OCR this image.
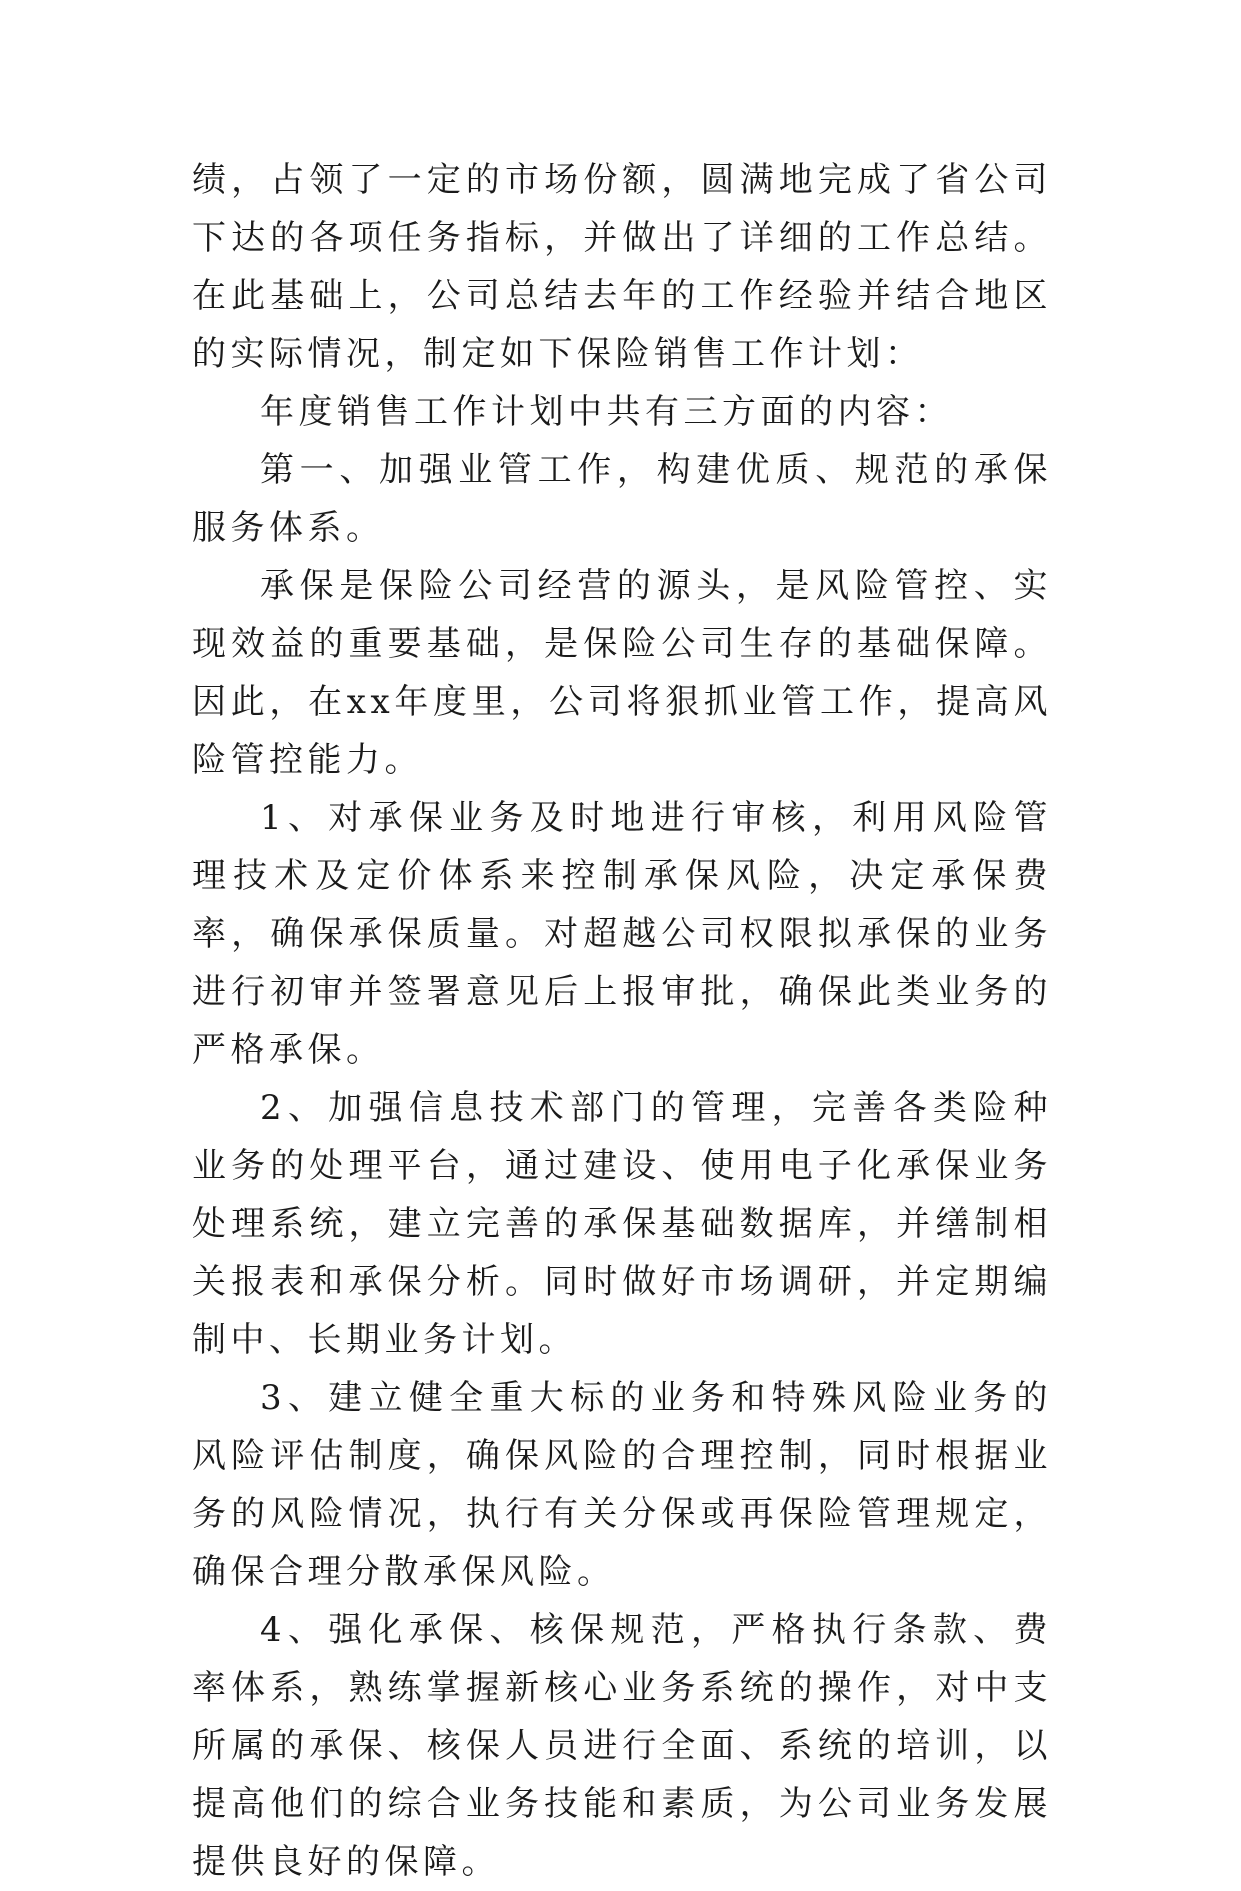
绩，占领了一定的市场份额，圆满地完成了省公司下达的各项任务指标，并做出了详细的工作总结。在此基础上，公司总结去年的工作经验并结合地区的实际情况，制定如下保险销售工作计划：

年度销售工作计划中共有三方面的内容：

第一、加强业管工作，构建优质、规范的承保服务体系。

承保是保险公司经营的源头，是风险管控、实现效益的重要基础，是保险公司生存的基础保障。因此，在xx年度里，公司将狠抓业管工作，提高风险管控能力。

1、对承保业务及时地进行审核，利用风险管理技术及定价体系来控制承保风险，决定承保费率，确保承保质量。对超越公司权限拟承保的业务进行初审并签署意见后上报审批，确保此类业务的严格承保。

2、加强信息技术部门的管理，完善各类险种业务的处理平台，通过建设、使用电子化承保业务处理系统，建立完善的承保基础数据库，并缮制相关报表和承保分析。同时做好市场调研，并定期编制中、长期业务计划。

3、建立健全重大标的业务和特殊风险业务的风险评估制度，确保风险的合理控制，同时根据业务的风险情况，执行有关分保或再保险管理规定，确保合理分散承保风险。

4、强化承保、核保规范，严格执行条款、费率体系，熟练掌握新核心业务系统的操作，对中支所属的承保、核保人员进行全面、系统的培训，以提高他们的综合业务技能和素质，为公司业务发展提供良好的保障。
